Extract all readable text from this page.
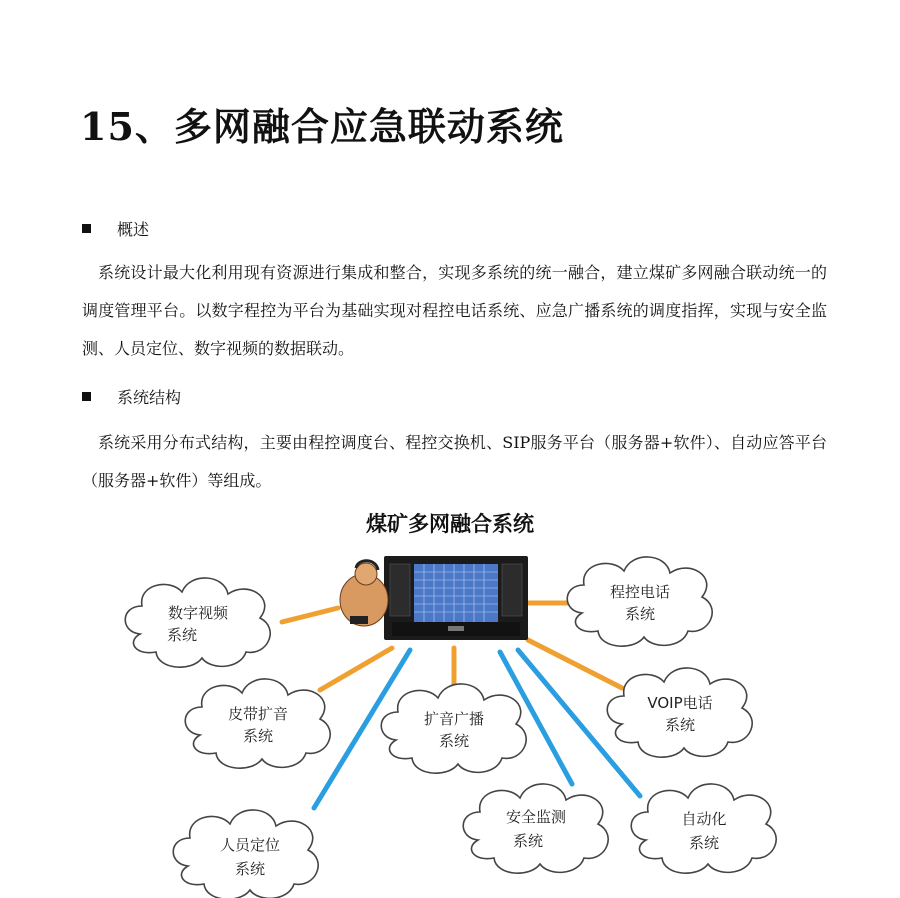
15、多网融合应急联动系统
概述

系统设计最大化利用现有资源进行集成和整合，实现多系统的统一融合，建立煤矿多网融合联动统一的调度管理平台。以数字程控为平台为基础实现对程控电话系统、应急广播系统的调度指挥，实现与安全监测、人员定位、数字视频的数据联动。

系统结构

系统采用分布式结构，主要由程控调度台、程控交换机、SIP服务平台（服务器+软件）、自动应答平台（服务器+软件）等组成。

煤矿多网融合系统
数字视频
系统
程控电话
系统
皮带扩音
系统
扩音广播
系统
VOIP电话
系统
人员定位
系统
安全监测
系统
自动化
系统
